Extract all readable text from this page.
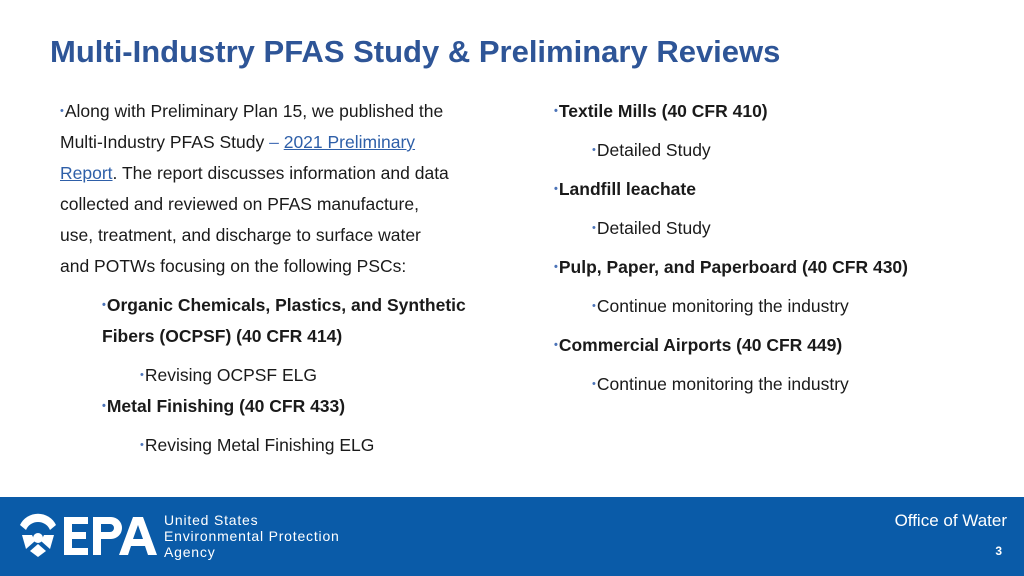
Multi-Industry PFAS Study & Preliminary Reviews
•Along with Preliminary Plan 15, we published the
Multi-Industry PFAS Study – 2021 Preliminary
Report. The report discusses information and data
collected and reviewed on PFAS manufacture,
use, treatment, and discharge to surface water
and POTWs focusing on the following PSCs:
•Organic Chemicals, Plastics, and Synthetic
Fibers (OCPSF) (40 CFR 414)
•Revising OCPSF ELG
•Metal Finishing (40 CFR 433)
•Revising Metal Finishing ELG
•Textile Mills (40 CFR 410)
•Detailed Study
•Landfill leachate
•Detailed Study
•Pulp, Paper, and Paperboard (40 CFR 430)
•Continue monitoring the industry
•Commercial Airports (40 CFR 449)
•Continue monitoring the industry
United States
Environmental Protection
Agency
Office of Water
3
